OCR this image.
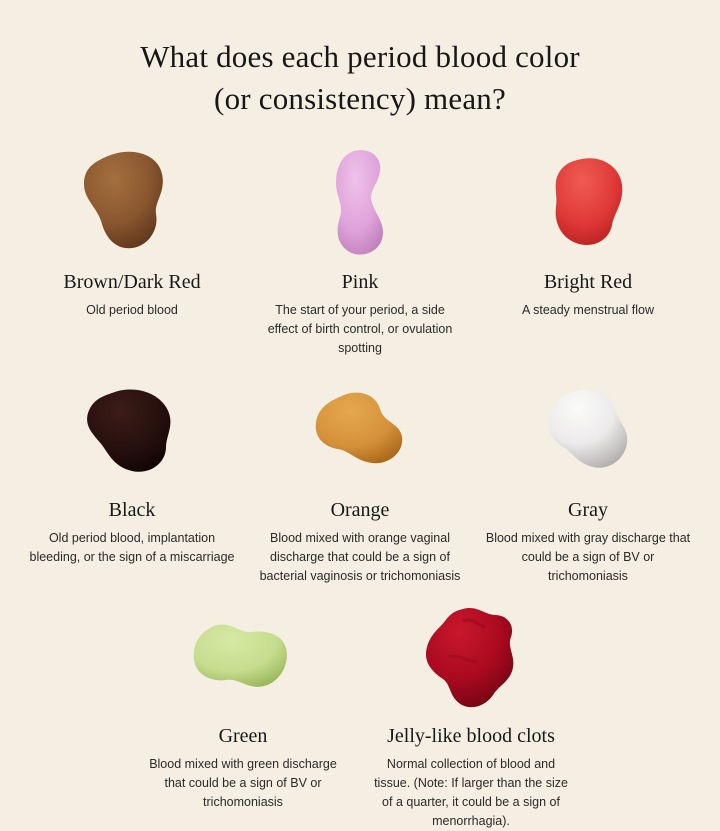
What does each period blood color
(or consistency) mean?
Brown/Dark Red
Old period blood
Pink
The start of your period, a side effect of birth control, or ovulation spotting
Bright Red
A steady menstrual flow
Black
Old period blood, implantation bleeding, or the sign of a miscarriage
Orange
Blood mixed with orange vaginal discharge that could be a sign of bacterial vaginosis or trichomoniasis
Gray
Blood mixed with gray discharge that could be a sign of BV or trichomoniasis
Green
Blood mixed with green discharge that could be a sign of BV or trichomoniasis
Jelly-like blood clots
Normal collection of blood and tissue. (Note: If larger than the size of a quarter, it could be a sign of menorrhagia).
